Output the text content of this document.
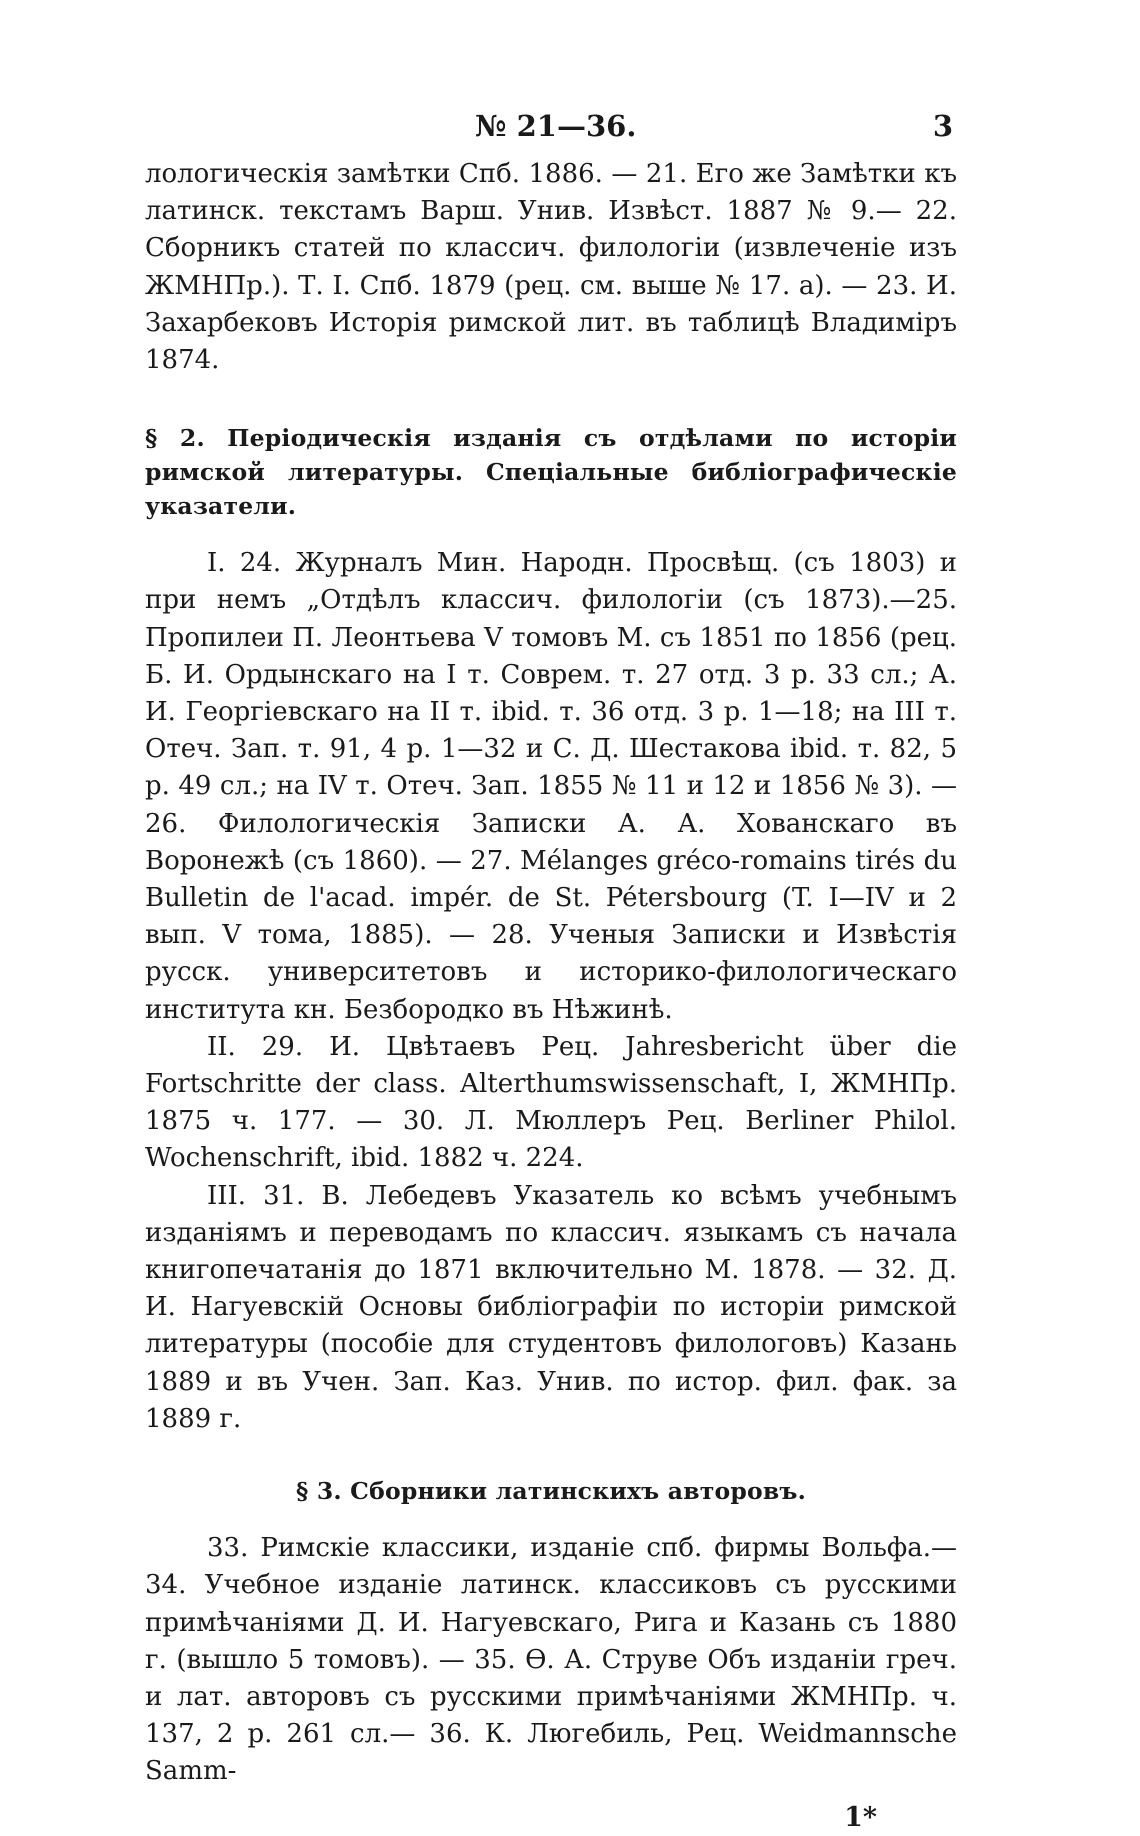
№ 21—36.	3

лологическія замѣтки Спб. 1886. — 21. Его же Замѣтки къ латинск. текстамъ Варш. Унив. Извѣст. 1887 № 9.— 22. Сборникъ статей по классич. филологіи (извлеченіе изъ ЖМНПр.). Т. I. Спб. 1879 (рец. см. выше № 17. a). — 23. И. Захарбековъ Исторія римской лит. въ таблицѣ Владиміръ 1874.

§ 2. Періодическія изданія съ отдѣлами по исторіи римской литературы. Спеціальные библіографическіе указатели.

I. 24. Журналъ Мин. Народн. Просвѣщ. (съ 1803) и при немъ „Отдѣлъ классич. филологіи (съ 1873).—25. Пропилеи П. Леонтьева V томовъ М. съ 1851 по 1856 (рец. Б. И. Ордынскаго на I т. Соврем. т. 27 отд. 3 р. 33 сл.; А. И. Георгіевскаго на II т. ibid. т. 36 отд. 3 р. 1—18; на III т. Отеч. Зап. т. 91, 4 р. 1—32 и С. Д. Шестакова ibid. т. 82, 5 р. 49 сл.; на IV т. Отеч. Зап. 1855 № 11 и 12 и 1856 № 3). — 26. Филологическія Записки А. А. Хованскаго въ Воронежѣ (съ 1860). — 27. Mélanges gréco-romains tirés du Bulletin de l'acad. impér. de St. Pétersbourg (T. I—IV и 2 вып. V тома, 1885). — 28. Ученыя Записки и Извѣстія русск. университетовъ и историко-филологическаго института кн. Безбородко въ Нѣжинѣ.

II. 29. И. Цвѣтаевъ Рец. Jahresbericht über die Fortschritte der class. Alterthumswissenschaft, I, ЖМНПр. 1875 ч. 177. — 30. Л. Мюллеръ Рец. Berliner Philol. Wochenschrift, ibid. 1882 ч. 224.

III. 31. В. Лебедевъ Указатель ко всѣмъ учебнымъ изданіямъ и переводамъ по классич. языкамъ съ начала книгопечатанія до 1871 включительно М. 1878. — 32. Д. И. Нагуевскій Основы библіографіи по исторіи римской литературы (пособіе для студентовъ филологовъ) Казань 1889 и въ Учен. Зап. Каз. Унив. по истор. фил. фак. за 1889 г.

§ 3. Сборники латинскихъ авторовъ.

33. Римскіе классики, изданіе спб. фирмы Вольфа.— 34. Учебное изданіе латинск. классиковъ съ русскими примѣчаніями Д. И. Нагуевскаго, Рига и Казань съ 1880 г. (вышло 5 томовъ). — 35. Ѳ. А. Струве Объ изданіи греч. и лат. авторовъ съ русскими примѣчаніями ЖМНПр. ч. 137, 2 р. 261 сл.— 36. К. Люгебиль, Рец. Weidmannsche Samm-

1*
